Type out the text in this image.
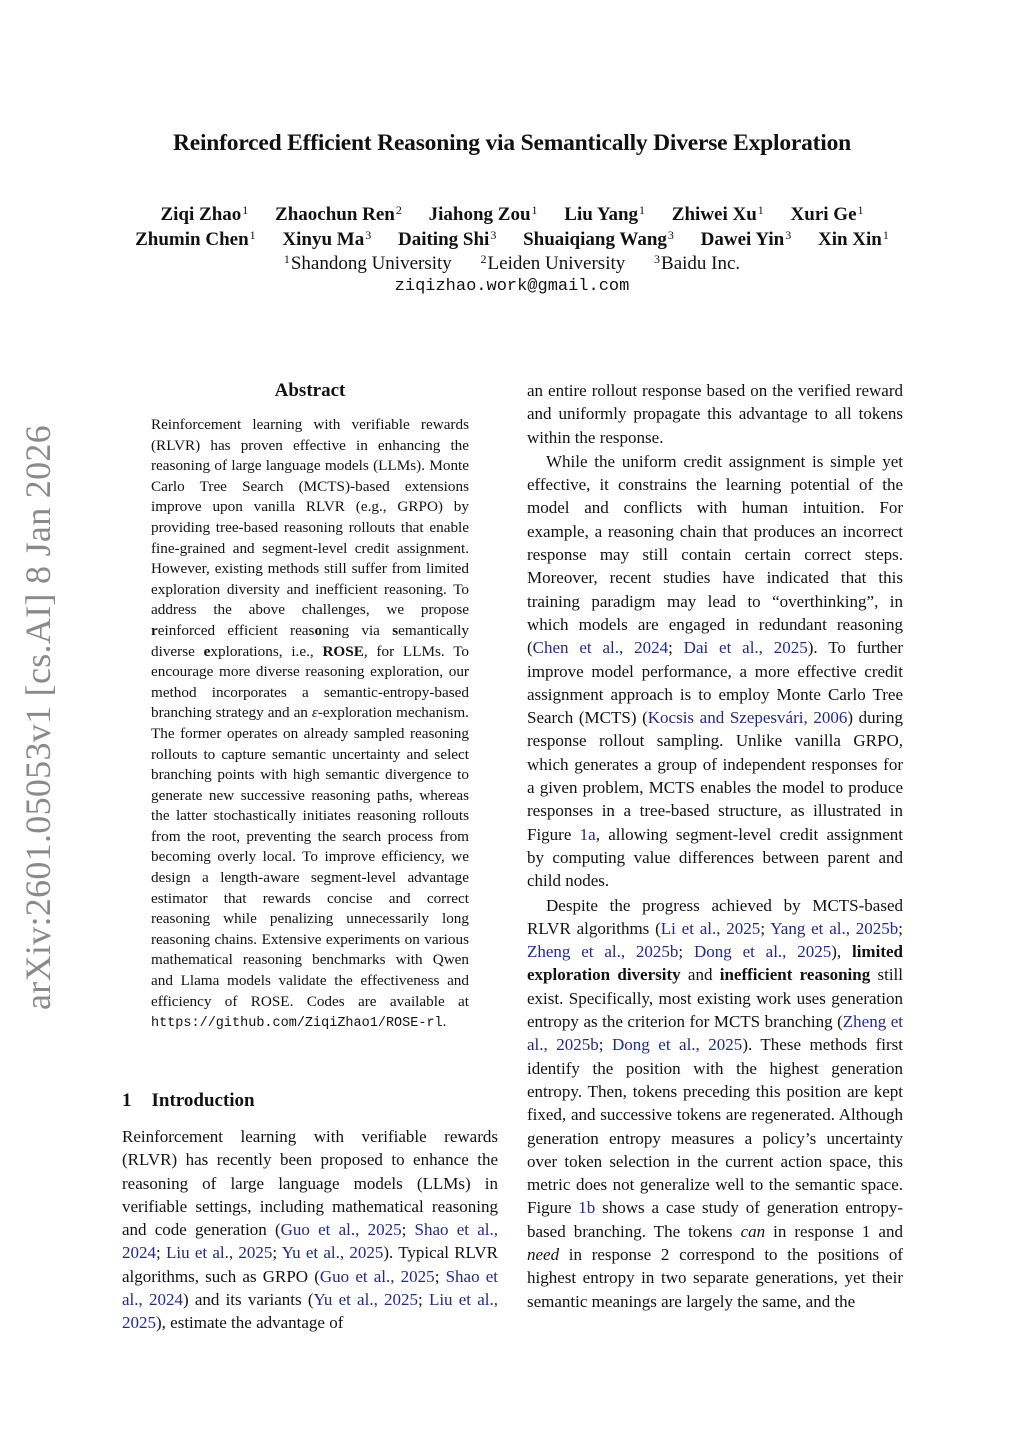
Reinforced Efficient Reasoning via Semantically Diverse Exploration
Ziqi Zhao$^1$ Zhaochun Ren$^2$ Jiahong Zou$^1$ Liu Yang$^1$ Zhiwei Xu$^1$ Xuri Ge$^1$
Zhumin Chen$^1$ Xinyu Ma$^3$ Daiting Shi$^3$ Shuaiqiang Wang$^3$ Dawei Yin$^3$ Xin Xin$^1$
$^1$Shandong University $^2$Leiden University $^3$Baidu Inc.
ziqizhao.work@gmail.com
arXiv:2601.05053v1 [cs.AI] 8 Jan 2026
Abstract
Reinforcement learning with verifiable rewards (RLVR) has proven effective in enhancing the reasoning of large language models (LLMs). Monte Carlo Tree Search (MCTS)-based extensions improve upon vanilla RLVR (e.g., GRPO) by providing tree-based reasoning rollouts that enable fine-grained and segment-level credit assignment. However, existing methods still suffer from limited exploration diversity and inefficient reasoning. To address the above challenges, we propose reinforced efficient reasoning via semantically diverse explorations, i.e., ROSE, for LLMs. To encourage more diverse reasoning exploration, our method incorporates a semantic-entropy-based branching strategy and an ε-exploration mechanism. The former operates on already sampled reasoning rollouts to capture semantic uncertainty and select branching points with high semantic divergence to generate new successive reasoning paths, whereas the latter stochastically initiates reasoning rollouts from the root, preventing the search process from becoming overly local. To improve efficiency, we design a length-aware segment-level advantage estimator that rewards concise and correct reasoning while penalizing unnecessarily long reasoning chains. Extensive experiments on various mathematical reasoning benchmarks with Qwen and Llama models validate the effectiveness and efficiency of ROSE. Codes are available at https://github.com/ZiqiZhao1/ROSE-rl.
1 Introduction
Reinforcement learning with verifiable rewards (RLVR) has recently been proposed to enhance the reasoning of large language models (LLMs) in verifiable settings, including mathematical reasoning and code generation (Guo et al., 2025; Shao et al., 2024; Liu et al., 2025; Yu et al., 2025). Typical RLVR algorithms, such as GRPO (Guo et al., 2025; Shao et al., 2024) and its variants (Yu et al., 2025; Liu et al., 2025), estimate the advantage of

an entire rollout response based on the verified reward and uniformly propagate this advantage to all tokens within the response.

While the uniform credit assignment is simple yet effective, it constrains the learning potential of the model and conflicts with human intuition. For example, a reasoning chain that produces an incorrect response may still contain certain correct steps. Moreover, recent studies have indicated that this training paradigm may lead to “overthinking”, in which models are engaged in redundant reasoning (Chen et al., 2024; Dai et al., 2025). To further improve model performance, a more effective credit assignment approach is to employ Monte Carlo Tree Search (MCTS) (Kocsis and Szepesvári, 2006) during response rollout sampling. Unlike vanilla GRPO, which generates a group of independent responses for a given problem, MCTS enables the model to produce responses in a tree-based structure, as illustrated in Figure 1a, allowing segment-level credit assignment by computing value differences between parent and child nodes.

Despite the progress achieved by MCTS-based RLVR algorithms (Li et al., 2025; Yang et al., 2025b; Zheng et al., 2025b; Dong et al., 2025), limited exploration diversity and inefficient reasoning still exist. Specifically, most existing work uses generation entropy as the criterion for MCTS branching (Zheng et al., 2025b; Dong et al., 2025). These methods first identify the position with the highest generation entropy. Then, tokens preceding this position are kept fixed, and successive tokens are regenerated. Although generation entropy measures a policy’s uncertainty over token selection in the current action space, this metric does not generalize well to the semantic space. Figure 1b shows a case study of generation entropy-based branching. The tokens can in response 1 and need in response 2 correspond to the positions of highest entropy in two separate generations, yet their semantic meanings are largely the same, and the
